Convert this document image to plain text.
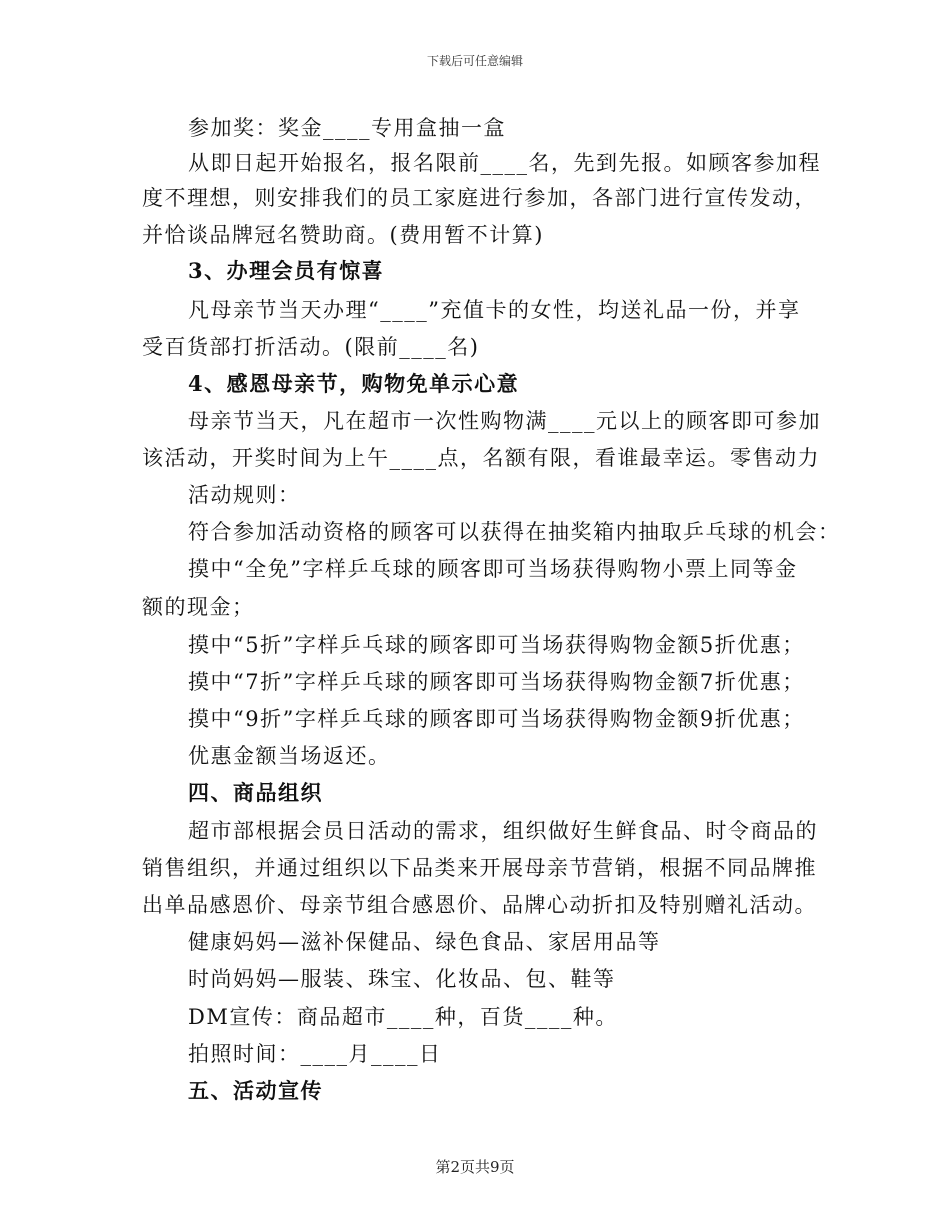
下载后可任意编辑
参加奖：奖金____专用盒抽一盒
从即日起开始报名，报名限前____名，先到先报。如顾客参加程
度不理想，则安排我们的员工家庭进行参加，各部门进行宣传发动，
并恰谈品牌冠名赞助商。(费用暂不计算)
3、办理会员有惊喜
凡母亲节当天办理“____”充值卡的女性，均送礼品一份，并享
受百货部打折活动。(限前____名)
4、感恩母亲节，购物免单示心意
母亲节当天，凡在超市一次性购物满____元以上的顾客即可参加
该活动，开奖时间为上午____点，名额有限，看谁最幸运。零售动力
活动规则：
符合参加活动资格的顾客可以获得在抽奖箱内抽取乒乓球的机会：
摸中“全免”字样乒乓球的顾客即可当场获得购物小票上同等金
额的现金；
摸中“5折”字样乒乓球的顾客即可当场获得购物金额5折优惠；
摸中“7折”字样乒乓球的顾客即可当场获得购物金额7折优惠；
摸中“9折”字样乒乓球的顾客即可当场获得购物金额9折优惠；
优惠金额当场返还。
四、商品组织
超市部根据会员日活动的需求，组织做好生鲜食品、时令商品的
销售组织，并通过组织以下品类来开展母亲节营销，根据不同品牌推
出单品感恩价、母亲节组合感恩价、品牌心动折扣及特别赠礼活动。
健康妈妈—滋补保健品、绿色食品、家居用品等
时尚妈妈—服装、珠宝、化妆品、包、鞋等
DM宣传：商品超市____种，百货____种。
拍照时间：____月____日
五、活动宣传
第2页共9页
